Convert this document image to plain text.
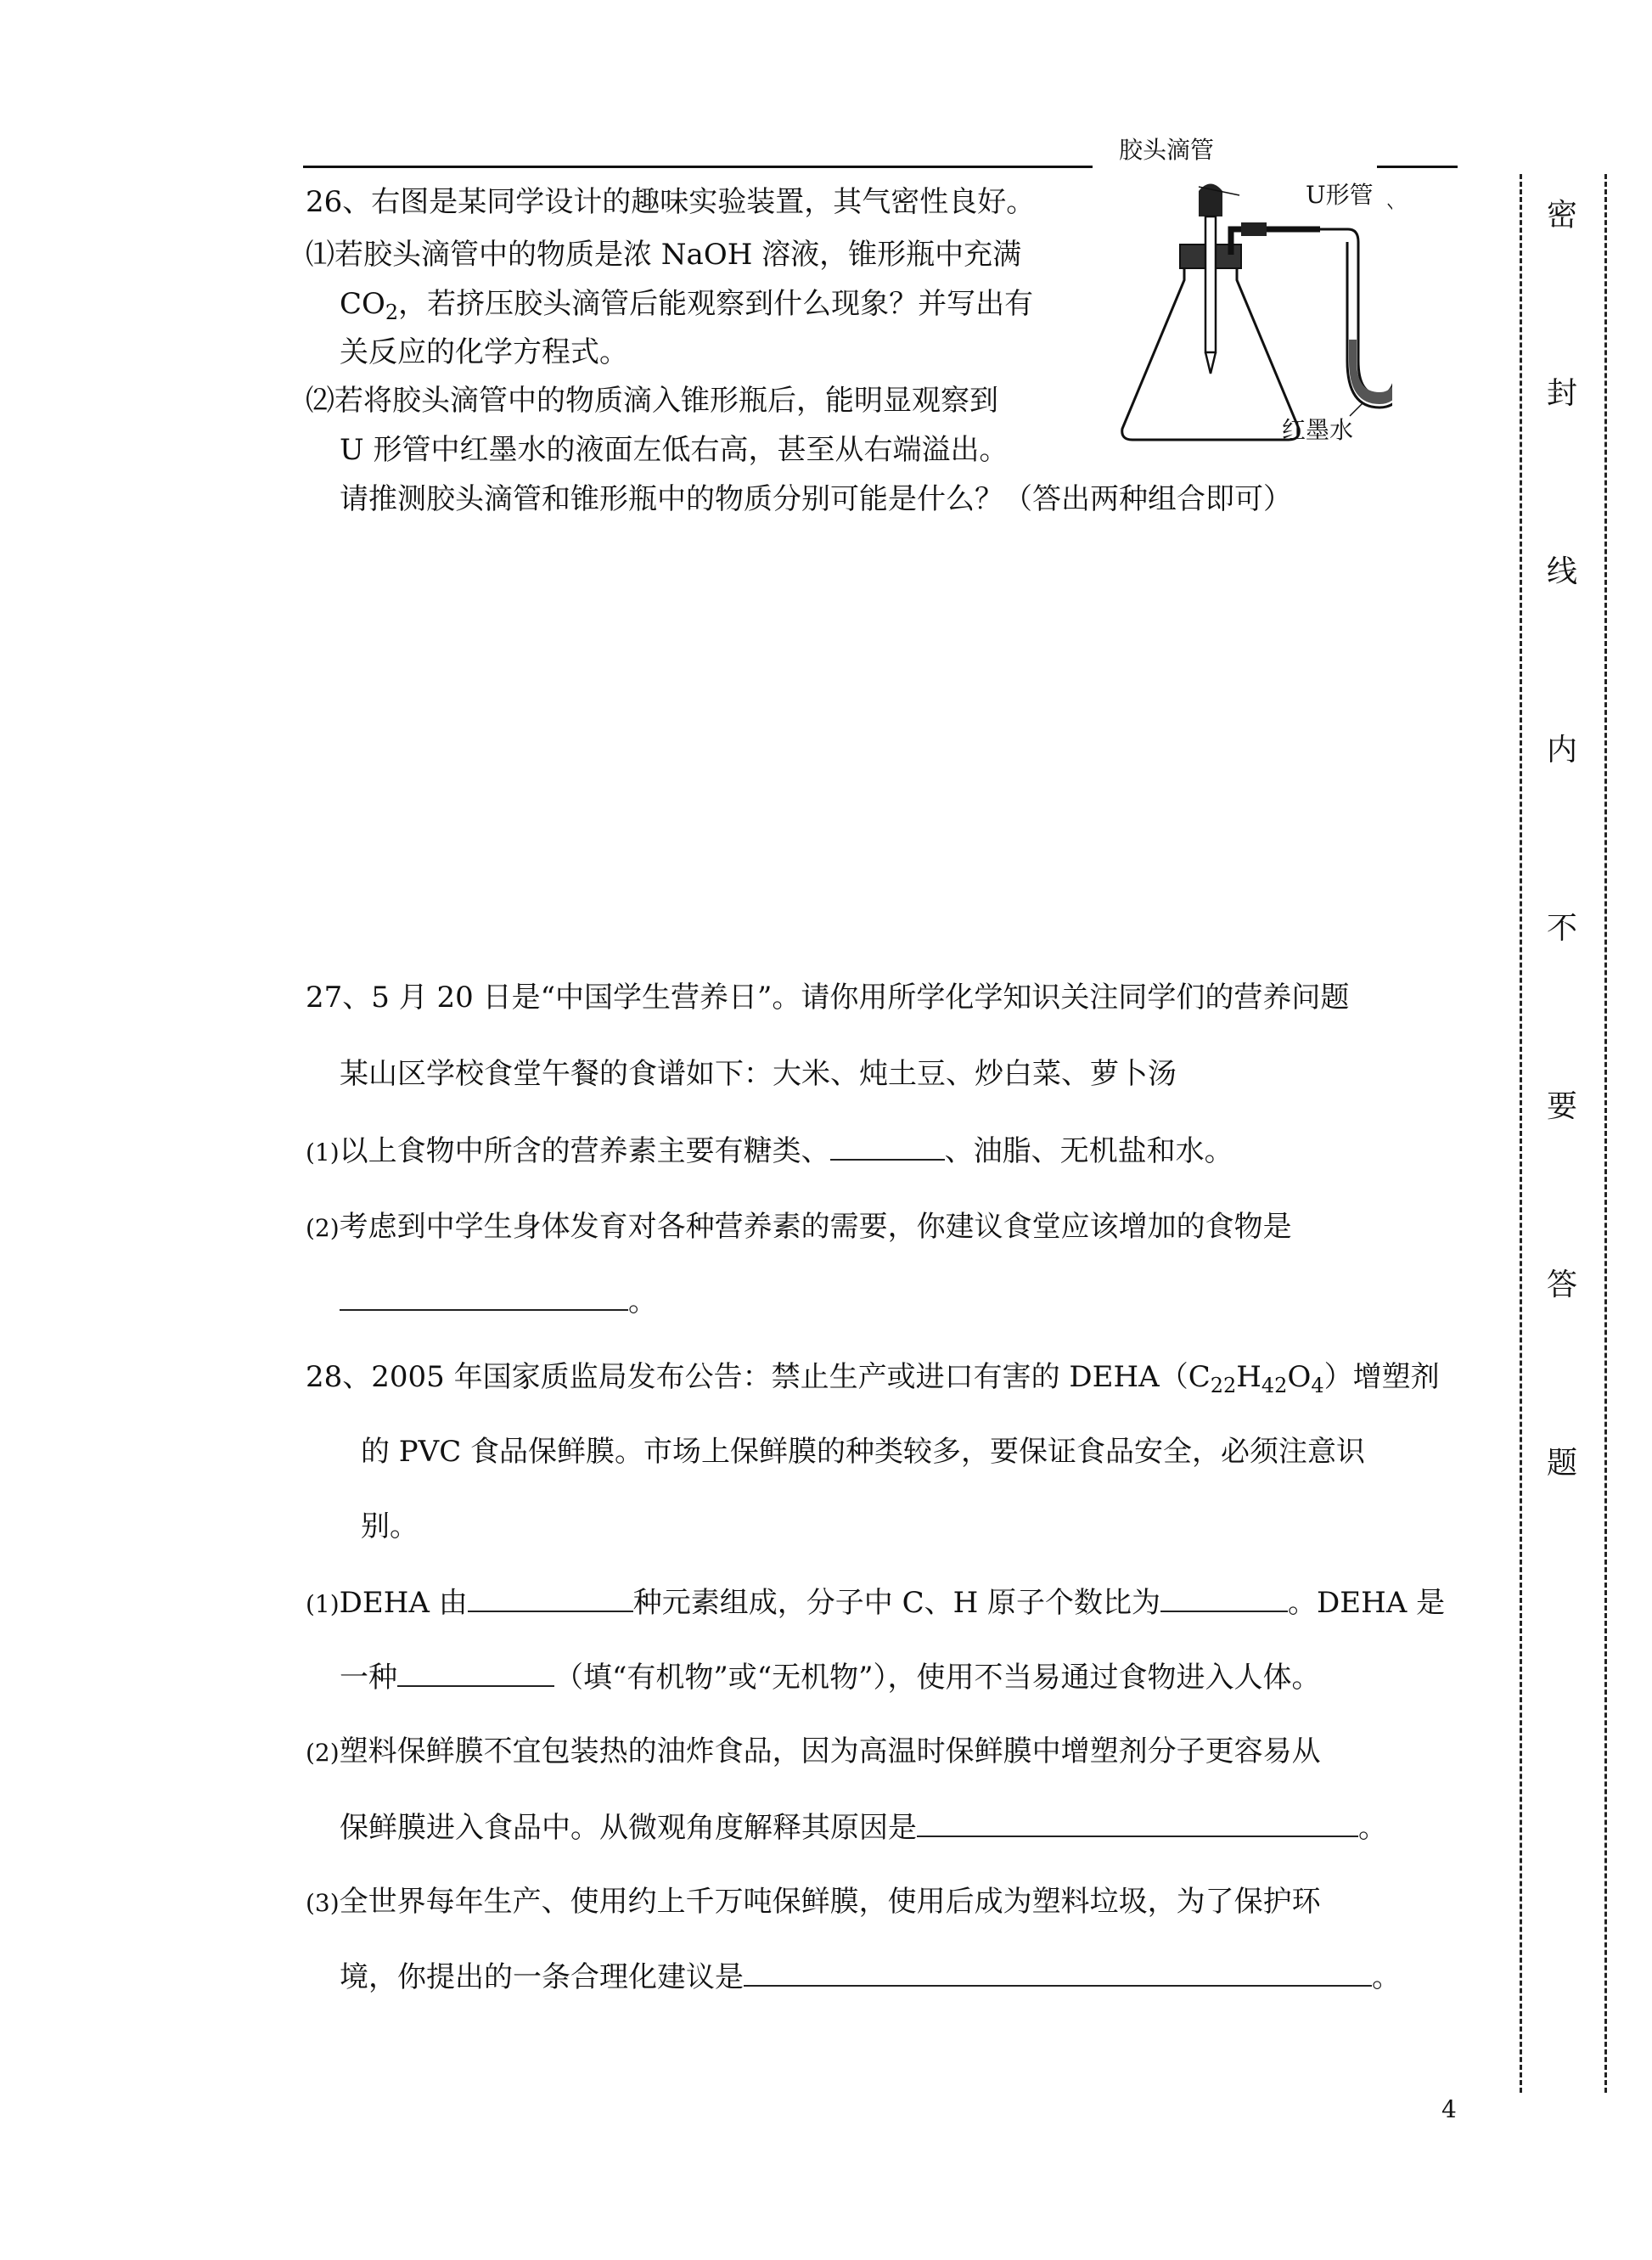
胶头滴管
U形管
红墨水
26、右图是某同学设计的趣味实验装置，其气密性良好。
⑴若胶头滴管中的物质是浓 NaOH 溶液，锥形瓶中充满
$CO_2$，若挤压胶头滴管后能观察到什么现象？并写出有
关反应的化学方程式。
⑵若将胶头滴管中的物质滴入锥形瓶后，能明显观察到
U 形管中红墨水的液面左低右高，甚至从右端溢出。
请推测胶头滴管和锥形瓶中的物质分别可能是什么？（答出两种组合即可）
27、5 月 20 日是“中国学生营养日”。请你用所学化学知识关注同学们的营养问题
某山区学校食堂午餐的食谱如下：大米、炖土豆、炒白菜、萝卜汤
(1)以上食物中所含的营养素主要有糖类、	、油脂、无机盐和水。
(2)考虑到中学生身体发育对各种营养素的需要，你建议食堂应该增加的食物是
。
28、2005 年国家质监局发布公告：禁止生产或进口有害的 $DEHA(C_{22}H_{42}O_4)$增塑剂
的 PVC 食品保鲜膜。市场上保鲜膜的种类较多，要保证食品安全，必须注意识
别。
(1)DEHA 由	种元素组成，分子中 C、H 原子个数比为	。DEHA 是
一种	（填“有机物”或“无机物”），使用不当易通过食物进入人体。
(2)塑料保鲜膜不宜包装热的油炸食品，因为高温时保鲜膜中增塑剂分子更容易从
保鲜膜进入食品中。从微观角度解释其原因是	。
(3)全世界每年生产、使用约上千万吨保鲜膜，使用后成为塑料垃圾，为了保护环
境，你提出的一条合理化建议是	。
密
封
线
内
不
要
答
题
4
